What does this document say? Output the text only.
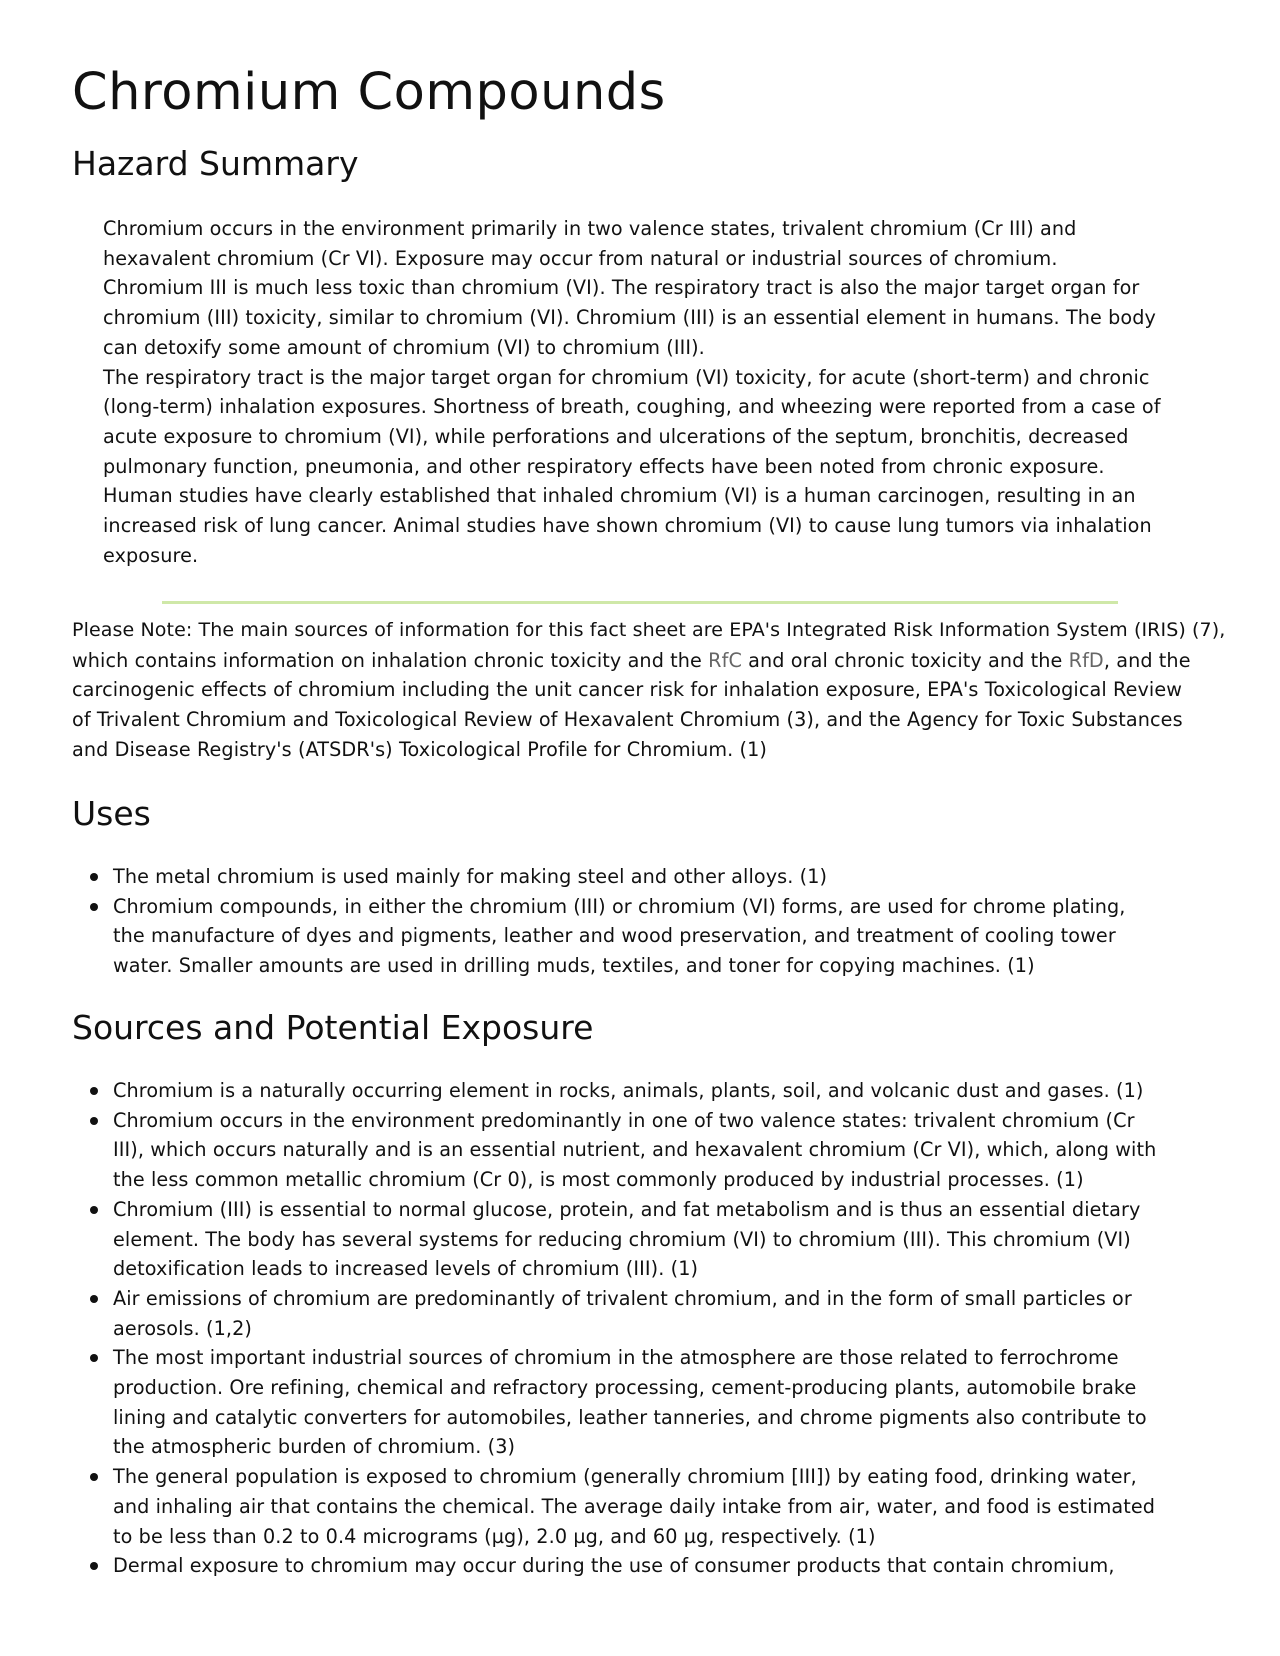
Chromium Compounds
Hazard Summary
Chromium occurs in the environment primarily in two valence states, trivalent chromium (Cr III) and
hexavalent chromium (Cr VI). Exposure may occur from natural or industrial sources of chromium.
Chromium III is much less toxic than chromium (VI). The respiratory tract is also the major target organ for
chromium (III) toxicity, similar to chromium (VI). Chromium (III) is an essential element in humans. The body
can detoxify some amount of chromium (VI) to chromium (III).
The respiratory tract is the major target organ for chromium (VI) toxicity, for acute (short-term) and chronic
(long-term) inhalation exposures. Shortness of breath, coughing, and wheezing were reported from a case of
acute exposure to chromium (VI), while perforations and ulcerations of the septum, bronchitis, decreased
pulmonary function, pneumonia, and other respiratory effects have been noted from chronic exposure.
Human studies have clearly established that inhaled chromium (VI) is a human carcinogen, resulting in an
increased risk of lung cancer. Animal studies have shown chromium (VI) to cause lung tumors via inhalation
exposure.
Please Note: The main sources of information for this fact sheet are EPA's Integrated Risk Information System (IRIS) (7),
which contains information on inhalation chronic toxicity and the RfC and oral chronic toxicity and the RfD, and the
carcinogenic effects of chromium including the unit cancer risk for inhalation exposure, EPA's Toxicological Review
of Trivalent Chromium and Toxicological Review of Hexavalent Chromium (3), and the Agency for Toxic Substances
and Disease Registry's (ATSDR's) Toxicological Profile for Chromium. (1)
Uses
The metal chromium is used mainly for making steel and other alloys. (1)
Chromium compounds, in either the chromium (III) or chromium (VI) forms, are used for chrome plating,
the manufacture of dyes and pigments, leather and wood preservation, and treatment of cooling tower
water. Smaller amounts are used in drilling muds, textiles, and toner for copying machines. (1)
Sources and Potential Exposure
Chromium is a naturally occurring element in rocks, animals, plants, soil, and volcanic dust and gases. (1)
Chromium occurs in the environment predominantly in one of two valence states: trivalent chromium (Cr
III), which occurs naturally and is an essential nutrient, and hexavalent chromium (Cr VI), which, along with
the less common metallic chromium (Cr 0), is most commonly produced by industrial processes. (1)
Chromium (III) is essential to normal glucose, protein, and fat metabolism and is thus an essential dietary
element. The body has several systems for reducing chromium (VI) to chromium (III). This chromium (VI)
detoxification leads to increased levels of chromium (III). (1)
Air emissions of chromium are predominantly of trivalent chromium, and in the form of small particles or
aerosols. (1,2)
The most important industrial sources of chromium in the atmosphere are those related to ferrochrome
production. Ore refining, chemical and refractory processing, cement-producing plants, automobile brake
lining and catalytic converters for automobiles, leather tanneries, and chrome pigments also contribute to
the atmospheric burden of chromium. (3)
The general population is exposed to chromium (generally chromium [III]) by eating food, drinking water,
and inhaling air that contains the chemical. The average daily intake from air, water, and food is estimated
to be less than 0.2 to 0.4 micrograms (µg), 2.0 µg, and 60 µg, respectively. (1)
Dermal exposure to chromium may occur during the use of consumer products that contain chromium,
